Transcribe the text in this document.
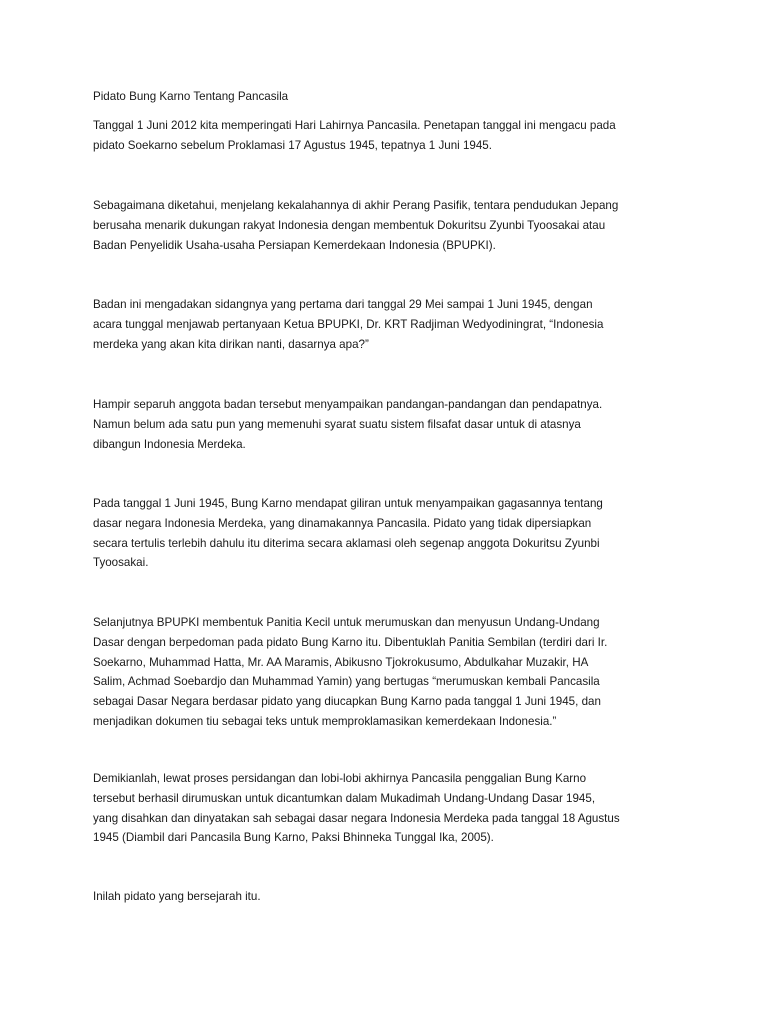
Pidato Bung Karno Tentang Pancasila

Tanggal 1 Juni 2012 kita memperingati Hari Lahirnya Pancasila. Penetapan tanggal ini mengacu pada
pidato Soekarno sebelum Proklamasi 17 Agustus 1945, tepatnya 1 Juni 1945.
Sebagaimana diketahui, menjelang kekalahannya di akhir Perang Pasifik, tentara pendudukan Jepang
berusaha menarik dukungan rakyat Indonesia dengan membentuk Dokuritsu Zyunbi Tyoosakai atau
Badan Penyelidik Usaha-usaha Persiapan Kemerdekaan Indonesia (BPUPKI).
Badan ini mengadakan sidangnya yang pertama dari tanggal 29 Mei sampai 1 Juni 1945, dengan
acara tunggal menjawab pertanyaan Ketua BPUPKI, Dr. KRT Radjiman Wedyodiningrat, “Indonesia
merdeka yang akan kita dirikan nanti, dasarnya apa?”
Hampir separuh anggota badan tersebut menyampaikan pandangan-pandangan dan pendapatnya.
Namun belum ada satu pun yang memenuhi syarat suatu sistem filsafat dasar untuk di atasnya
dibangun Indonesia Merdeka.
Pada tanggal 1 Juni 1945, Bung Karno mendapat giliran untuk menyampaikan gagasannya tentang
dasar negara Indonesia Merdeka, yang dinamakannya Pancasila. Pidato yang tidak dipersiapkan
secara tertulis terlebih dahulu itu diterima secara aklamasi oleh segenap anggota Dokuritsu Zyunbi
Tyoosakai.
Selanjutnya BPUPKI membentuk Panitia Kecil untuk merumuskan dan menyusun Undang-Undang
Dasar dengan berpedoman pada pidato Bung Karno itu. Dibentuklah Panitia Sembilan (terdiri dari Ir.
Soekarno, Muhammad Hatta, Mr. AA Maramis, Abikusno Tjokrokusumo, Abdulkahar Muzakir, HA
Salim, Achmad Soebardjo dan Muhammad Yamin) yang bertugas “merumuskan kembali Pancasila
sebagai Dasar Negara berdasar pidato yang diucapkan Bung Karno pada tanggal 1 Juni 1945, dan
menjadikan dokumen tiu sebagai teks untuk memproklamasikan kemerdekaan Indonesia.”
Demikianlah, lewat proses persidangan dan lobi-lobi akhirnya Pancasila penggalian Bung Karno
tersebut berhasil dirumuskan untuk dicantumkan dalam Mukadimah Undang-Undang Dasar 1945,
yang disahkan dan dinyatakan sah sebagai dasar negara Indonesia Merdeka pada tanggal 18 Agustus
1945 (Diambil dari Pancasila Bung Karno, Paksi Bhinneka Tunggal Ika, 2005).
Inilah pidato yang bersejarah itu.
